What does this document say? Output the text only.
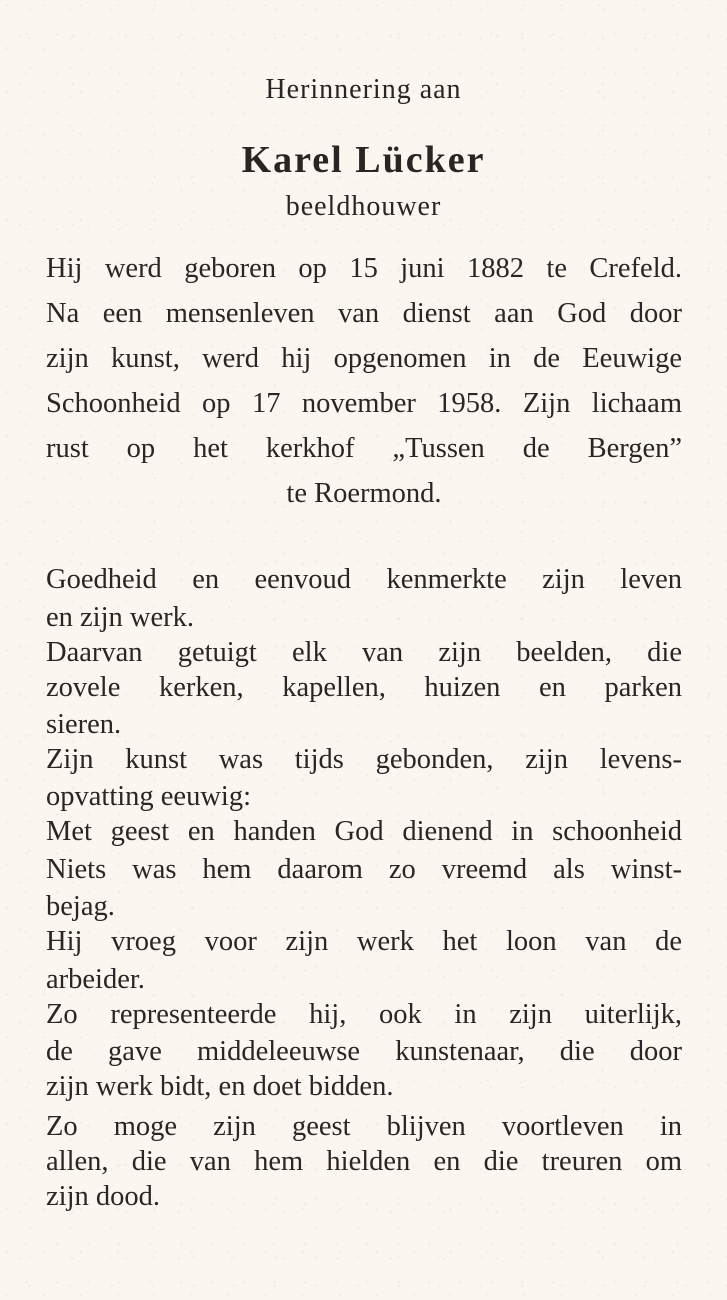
Herinnering aan
Karel Lücker
beeldhouwer
Hij werd geboren op 15 juni 1882 te Crefeld.
Na een mensenleven van dienst aan God door
zijn kunst, werd hij opgenomen in de Eeuwige
Schoonheid op 17 november 1958. Zijn lichaam
rust op het kerkhof „Tussen de Bergen”
te Roermond.
Goedheid en eenvoud kenmerkte zijn leven
en zijn werk.
Daarvan getuigt elk van zijn beelden, die
zovele kerken, kapellen, huizen en parken
sieren.
Zijn kunst was tijds gebonden, zijn levens-
opvatting eeuwig:
Met geest en handen God dienend in schoonheid
Niets was hem daarom zo vreemd als winst-
bejag.
Hij vroeg voor zijn werk het loon van de
arbeider.
Zo representeerde hij, ook in zijn uiterlijk,
de gave middeleeuwse kunstenaar, die door
zijn werk bidt, en doet bidden.
Zo moge zijn geest blijven voortleven in
allen, die van hem hielden en die treuren om
zijn dood.
